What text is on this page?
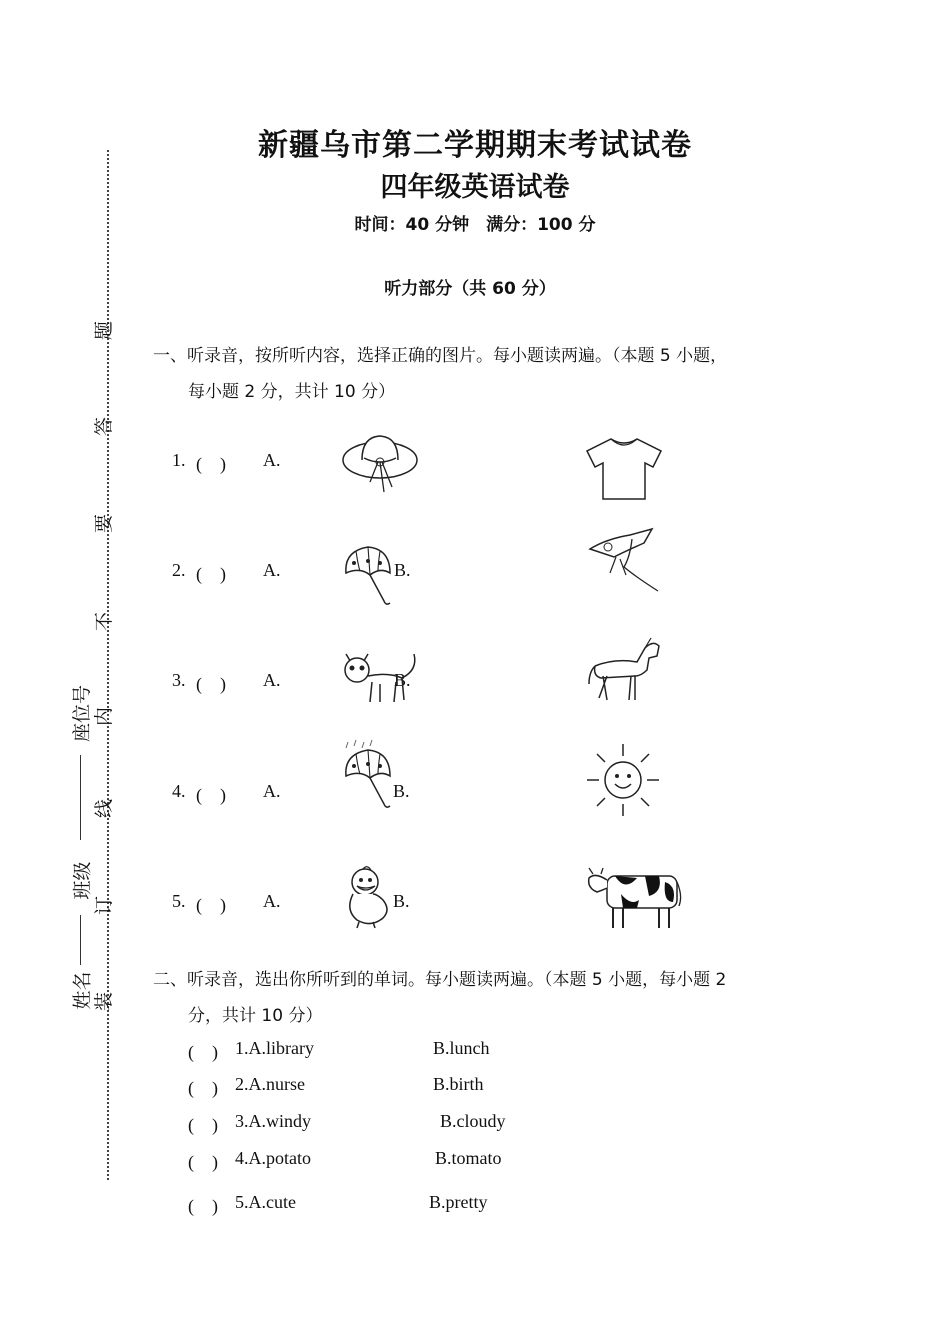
姓名
班级
座位号
装
订
线
内
不
要
答
题
新疆乌市第二学期期末考试试卷
四年级英语试卷
时间：40 分钟　满分：100 分
听力部分（共 60 分）
一、听录音，按所听内容，选择正确的图片。每小题读两遍。（本题 5 小题，
每小题 2 分，共计 10 分）
1. (　) A.
2. (　) A.	B.
3. (　) A.	B.
4. (　) A.	B.
5. (　) A.	B.
二、听录音，选出你所听到的单词。每小题读两遍。（本题 5 小题，每小题 2
分，共计 10 分）
(　) 1.A.library	B.lunch
(　) 2.A.nurse	B.birth
(　) 3.A.windy	B.cloudy
(　) 4.A.potato	B.tomato
(　) 5.A.cute	B.pretty
